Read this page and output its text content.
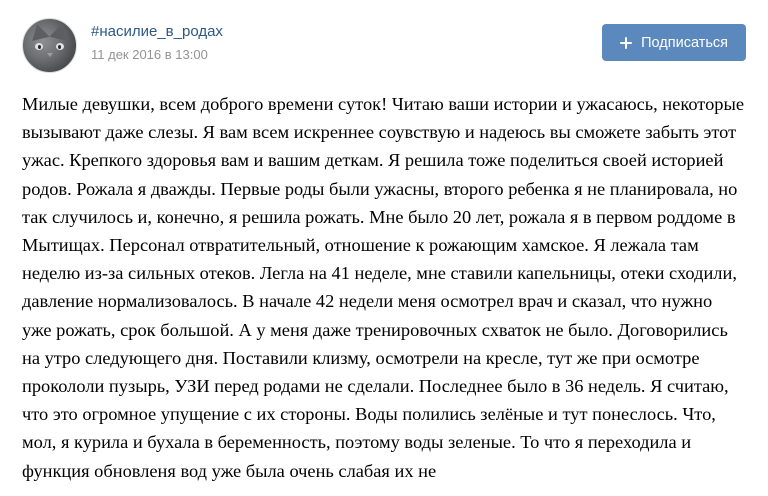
#насилие_в_родах
11 дек 2016 в 13:00
Подписаться
Милые девушки, всем доброго времени суток! Читаю ваши истории и ужасаюсь, некоторые вызывают даже слезы. Я вам всем искреннее соувствую и надеюсь вы сможете забыть этот ужас. Крепкого здоровья вам и вашим деткам. Я решила тоже поделиться своей историей родов. Рожала я дважды. Первые роды были ужасны, второго ребенка я не планировала, но так случилось и, конечно, я решила рожать. Мне было 20 лет, рожала я в первом роддоме в Мытищах. Персонал отвратительный, отношение к рожающим хамское. Я лежала там неделю из-за сильных отеков. Легла на 41 неделе, мне ставили капельницы, отеки сходили, давление нормализовалось. В начале 42 недели меня осмотрел врач и сказал, что нужно уже рожать, срок большой. А у меня даже тренировочных схваток не было. Договорились на утро следующего дня. Поставили клизму, осмотрели на кресле, тут же при осмотре прокололи пузырь, УЗИ перед родами не сделали. Последнее было в 36 недель. Я считаю, что это огромное упущение с их стороны. Воды полились зелёные и тут понеслось. Что, мол, я курила и бухала в беременность, поэтому воды зеленые. То что я переходила и функция обновленя вод уже была очень слабая их не
